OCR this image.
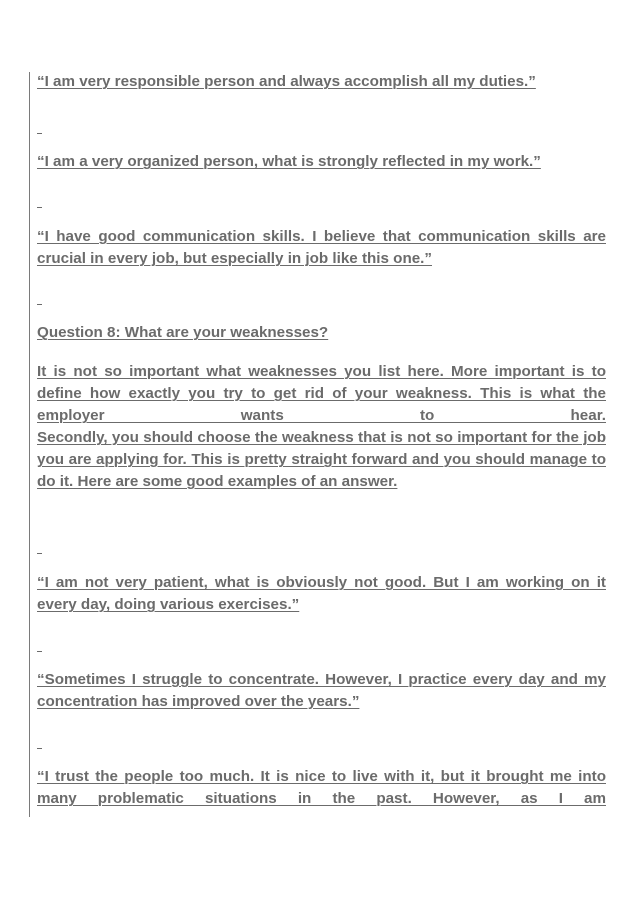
“I am very responsible person and always accomplish all my duties.”

“I am a very organized person, what is strongly reflected in my work.”

“I have good communication skills. I believe that communication skills are crucial in every job, but especially in job like this one.”

Question 8: What are your weaknesses?

It is not so important what weaknesses you list here. More important is to define how exactly you try to get rid of your weakness. This is what the employer wants to hear.

Secondly, you should choose the weakness that is not so important for the job you are applying for. This is pretty straight forward and you should manage to do it. Here are some good examples of an answer.

“I am not very patient, what is obviously not good. But I am working on it every day, doing various exercises.”

“Sometimes I struggle to concentrate. However, I practice every day and my concentration has improved over the years.”

“I trust the people too much. It is nice to live with it, but it brought me into many problematic situations in the past. However, as I am
